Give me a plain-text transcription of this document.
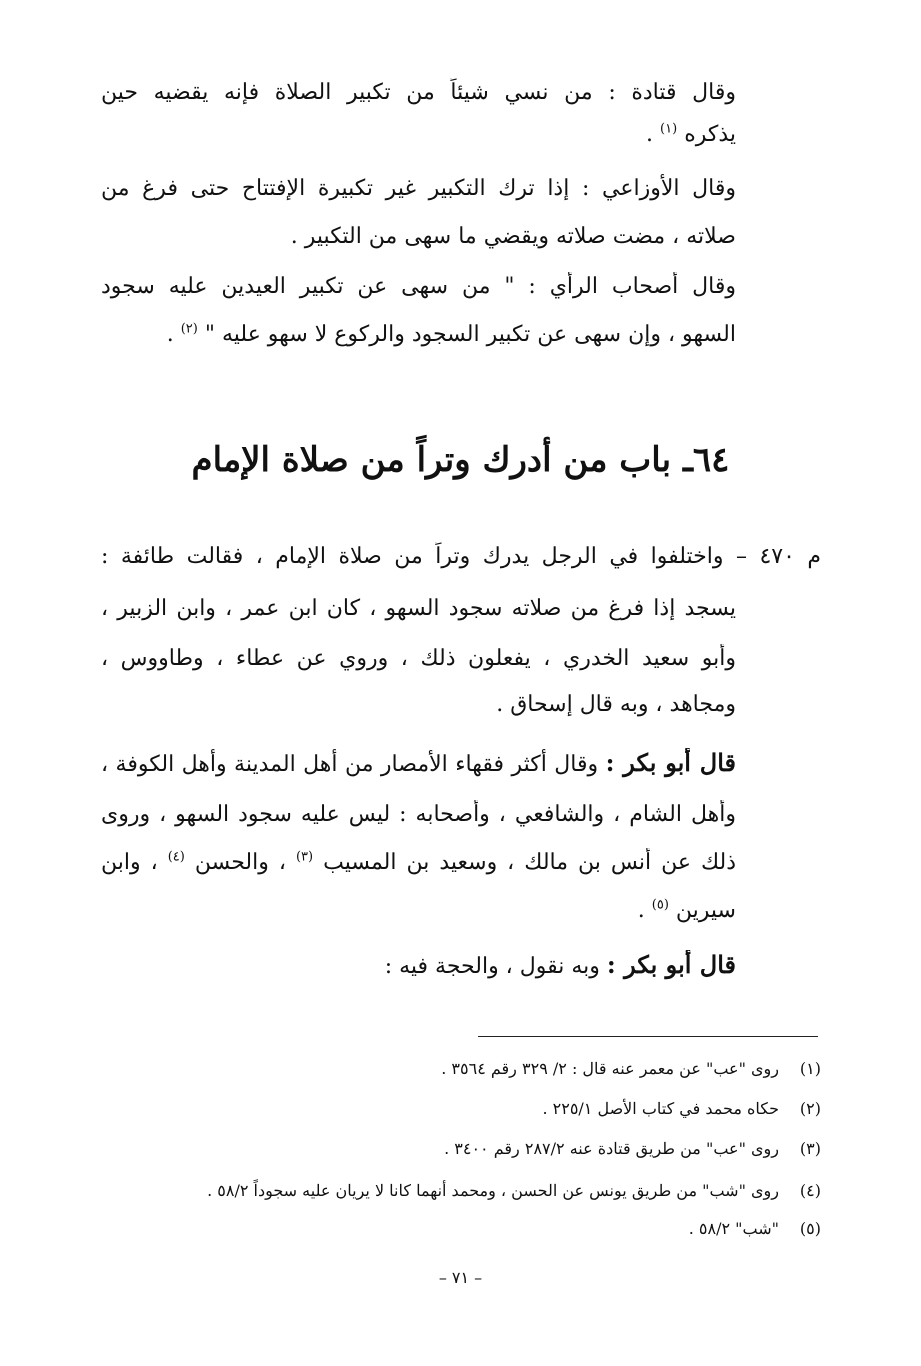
وقال قتادة : من نسي شيئاً من تكبير الصلاة فإنه يقضيه حين
يذكره $^{(١)}$ .
وقال الأوزاعي : إذا ترك التكبير غير تكبيرة الإفتتاح حتى فرغ من
صلاته ، مضت صلاته ويقضي ما سهى من التكبير .
وقال أصحاب الرأي : " من سهى عن تكبير العيدين عليه سجود
السهو ، وإن سهى عن تكبير السجود والركوع لا سهو عليه " $^{(٢)}$ .
٦٤ـ باب من أدرك وتراً من صلاة الإمام
م ٤٧٠ – واختلفوا في الرجل يدرك وتراً من صلاة الإمام ، فقالت طائفة :
يسجد إذا فرغ من صلاته سجود السهو ، كان ابن عمر ، وابن الزبير ،
وأبو سعيد الخدري ، يفعلون ذلك ، وروي عن عطاء ، وطاووس ،
ومجاهد ، وبه قال إسحاق .
قال أبو بكر : وقال أكثر فقهاء الأمصار من أهل المدينة وأهل الكوفة ،
وأهل الشام ، والشافعي ، وأصحابه : ليس عليه سجود السهو ، وروى
ذلك عن أنس بن مالك ، وسعيد بن المسيب $^{(٣)}$ ، والحسن $^{(٤)}$ ، وابن
سيرين $^{(٥)}$ .
قال أبو بكر : وبه نقول ، والحجة فيه :
(١)روى "عب" عن معمر عنه قال : ٢/ ٣٢٩ رقم ٣٥٦٤ .
(٢)حكاه محمد في كتاب الأصل ٢٢٥/١ .
(٣)روى "عب" من طريق قتادة عنه ٢٨٧/٢ رقم ٣٤٠٠ .
(٤)روى "شب" من طريق يونس عن الحسن ، ومحمد أنهما كانا لا يريان عليه سجوداً ٥٨/٢ .
(٥)"شب" ٥٨/٢ .
– ٧١ –
